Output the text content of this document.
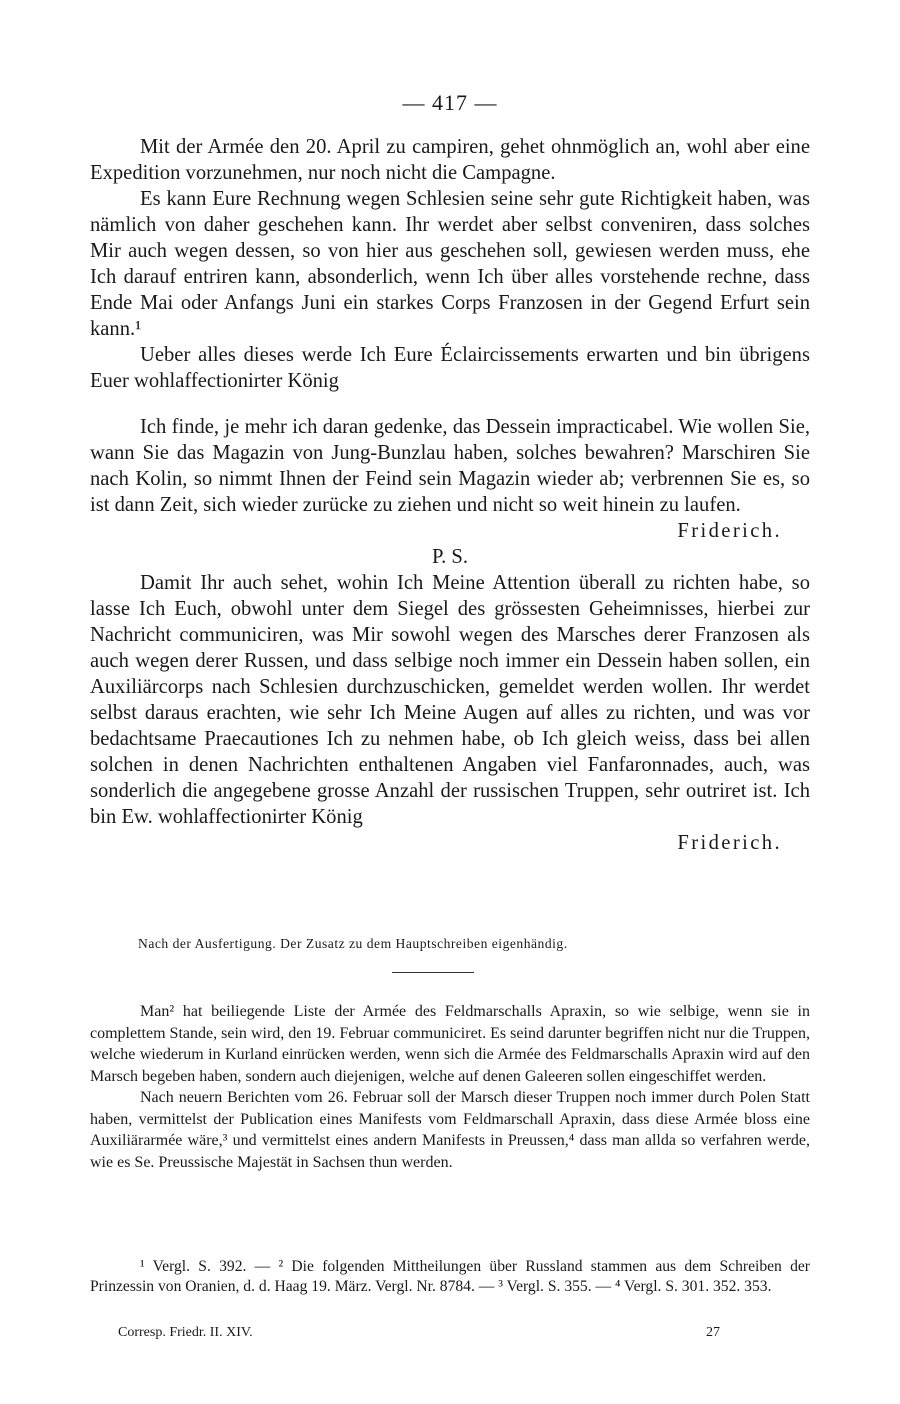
— 417 —

Mit der Armée den 20. April zu campiren, gehet ohnmöglich an, wohl aber eine Expedition vorzunehmen, nur noch nicht die Campagne.

Es kann Eure Rechnung wegen Schlesien seine sehr gute Richtigkeit haben, was nämlich von daher geschehen kann. Ihr werdet aber selbst conveniren, dass solches Mir auch wegen dessen, so von hier aus geschehen soll, gewiesen werden muss, ehe Ich darauf entriren kann, absonderlich, wenn Ich über alles vorstehende rechne, dass Ende Mai oder Anfangs Juni ein starkes Corps Franzosen in der Gegend Erfurt sein kann.¹

Ueber alles dieses werde Ich Eure Éclaircissements erwarten und bin übrigens Euer wohlaffectionirter König

Ich finde, je mehr ich daran gedenke, das Dessein impracticabel. Wie wollen Sie, wann Sie das Magazin von Jung-Bunzlau haben, solches bewahren? Marschiren Sie nach Kolin, so nimmt Ihnen der Feind sein Magazin wieder ab; verbrennen Sie es, so ist dann Zeit, sich wieder zurücke zu ziehen und nicht so weit hinein zu laufen.

Friderich.

P. S.

Damit Ihr auch sehet, wohin Ich Meine Attention überall zu richten habe, so lasse Ich Euch, obwohl unter dem Siegel des grössesten Geheimnisses, hierbei zur Nachricht communiciren, was Mir sowohl wegen des Marsches derer Franzosen als auch wegen derer Russen, und dass selbige noch immer ein Dessein haben sollen, ein Auxiliärcorps nach Schlesien durchzuschicken, gemeldet werden wollen. Ihr werdet selbst daraus erachten, wie sehr Ich Meine Augen auf alles zu richten, und was vor bedachtsame Praecautiones Ich zu nehmen habe, ob Ich gleich weiss, dass bei allen solchen in denen Nachrichten enthaltenen Angaben viel Fanfaronnades, auch, was sonderlich die angegebene grosse Anzahl der russischen Truppen, sehr outriret ist. Ich bin Ew. wohlaffectionirter König

Friderich.

Nach der Ausfertigung. Der Zusatz zu dem Hauptschreiben eigenhändig.

Man² hat beiliegende Liste der Armée des Feldmarschalls Apraxin, so wie selbige, wenn sie in complettem Stande, sein wird, den 19. Februar communiciret. Es seind darunter begriffen nicht nur die Truppen, welche wiederum in Kurland einrücken werden, wenn sich die Armée des Feldmarschalls Apraxin wird auf den Marsch begeben haben, sondern auch diejenigen, welche auf denen Galeeren sollen eingeschiffet werden.

Nach neuern Berichten vom 26. Februar soll der Marsch dieser Truppen noch immer durch Polen Statt haben, vermittelst der Publication eines Manifests vom Feldmarschall Apraxin, dass diese Armée bloss eine Auxiliärarmée wäre,³ und vermittelst eines andern Manifests in Preussen,⁴ dass man allda so verfahren werde, wie es Se. Preussische Majestät in Sachsen thun werden.

¹ Vergl. S. 392. — ² Die folgenden Mittheilungen über Russland stammen aus dem Schreiben der Prinzessin von Oranien, d. d. Haag 19. März. Vergl. Nr. 8784. — ³ Vergl. S. 355. — ⁴ Vergl. S. 301. 352. 353.

Corresp. Friedr. II. XIV.	27
